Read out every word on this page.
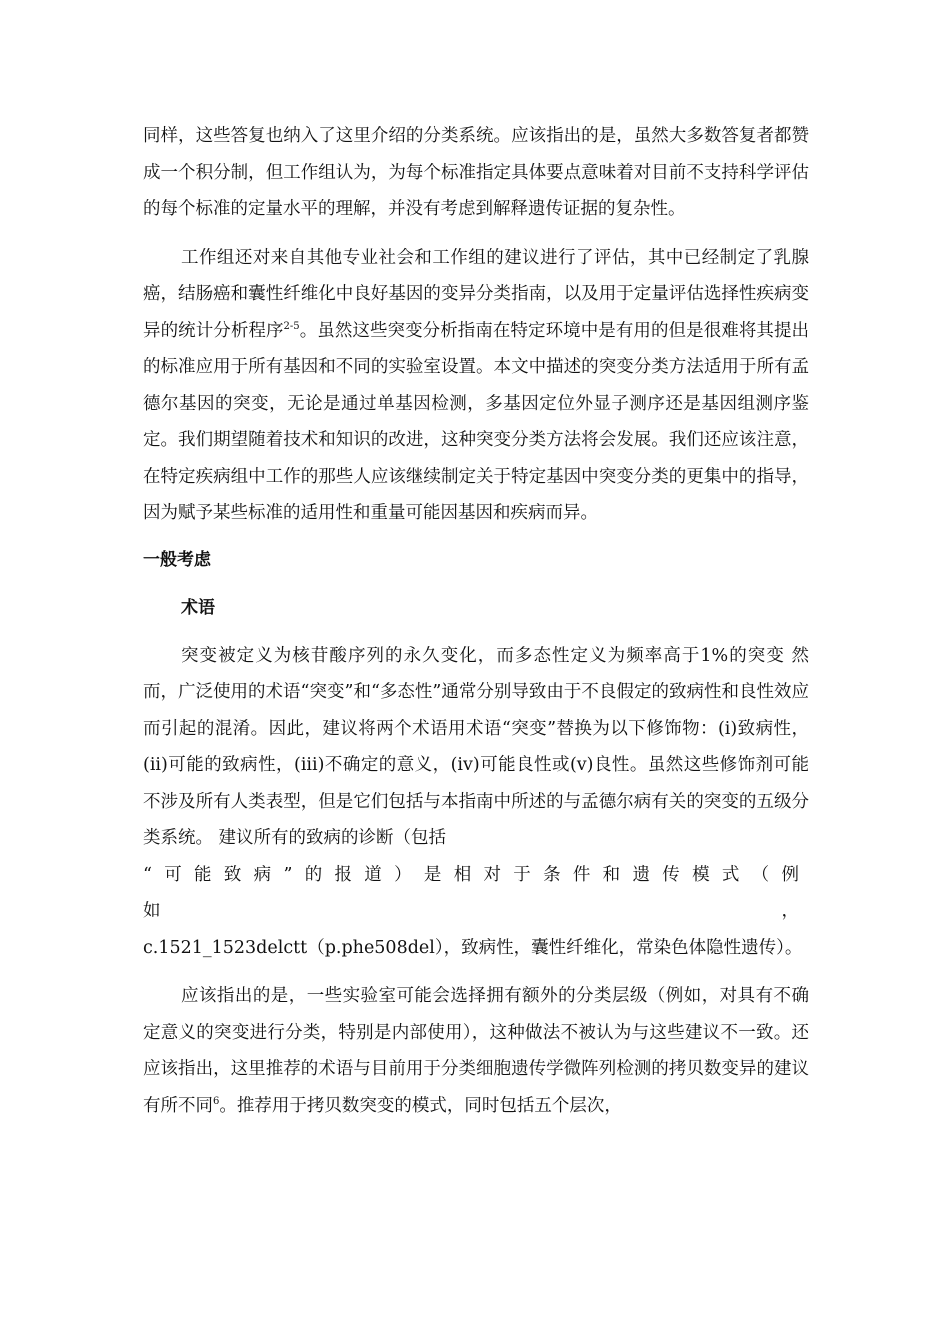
同样，这些答复也纳入了这里介绍的分类系统。应该指出的是，虽然大多数答复者都赞成一个积分制，但工作组认为，为每个标准指定具体要点意味着对目前不支持科学评估的每个标准的定量水平的理解，并没有考虑到解释遗传证据的复杂性。

工作组还对来自其他专业社会和工作组的建议进行了评估，其中已经制定了乳腺癌，结肠癌和囊性纤维化中良好基因的变异分类指南，以及用于定量评估选择性疾病变异的统计分析程序$^{2-5}$。虽然这些突变分析指南在特定环境中是有用的但是很难将其提出的标准应用于所有基因和不同的实验室设置。本文中描述的突变分类方法适用于所有孟德尔基因的突变，无论是通过单基因检测，多基因定位外显子测序还是基因组测序鉴定。我们期望随着技术和知识的改进，这种突变分类方法将会发展。我们还应该注意，在特定疾病组中工作的那些人应该继续制定关于特定基因中突变分类的更集中的指导，因为赋予某些标准的适用性和重量可能因基因和疾病而异。

一般考虑
术语
突变被定义为核苷酸序列的永久变化，而多态性定义为频率高于1%的突变 然而，广泛使用的术语“突变”和“多态性”通常分别导致由于不良假定的致病性和良性效应而引起的混淆。因此，建议将两个术语用术语“突变”替换为以下修饰物：(i)致病性，(ii)可能的致病性，(iii)不确定的意义，(iv)可能良性或(v)良性。虽然这些修饰剂可能不涉及所有人类表型，但是它们包括与本指南中所述的与孟德尔病有关的突变的五级分类系统。 建议所有的致病的诊断（包括
“可能致病”的报道）是相对于条件和遗传模式（例如，
c.1521_1523delctt（p.phe508del），致病性，囊性纤维化，常染色体隐性遗传）。

应该指出的是，一些实验室可能会选择拥有额外的分类层级（例如，对具有不确定意义的突变进行分类，特别是内部使用），这种做法不被认为与这些建议不一致。还应该指出，这里推荐的术语与目前用于分类细胞遗传学微阵列检测的拷贝数变异的建议有所不同$^6$。推荐用于拷贝数突变的模式，同时包括五个层次，
